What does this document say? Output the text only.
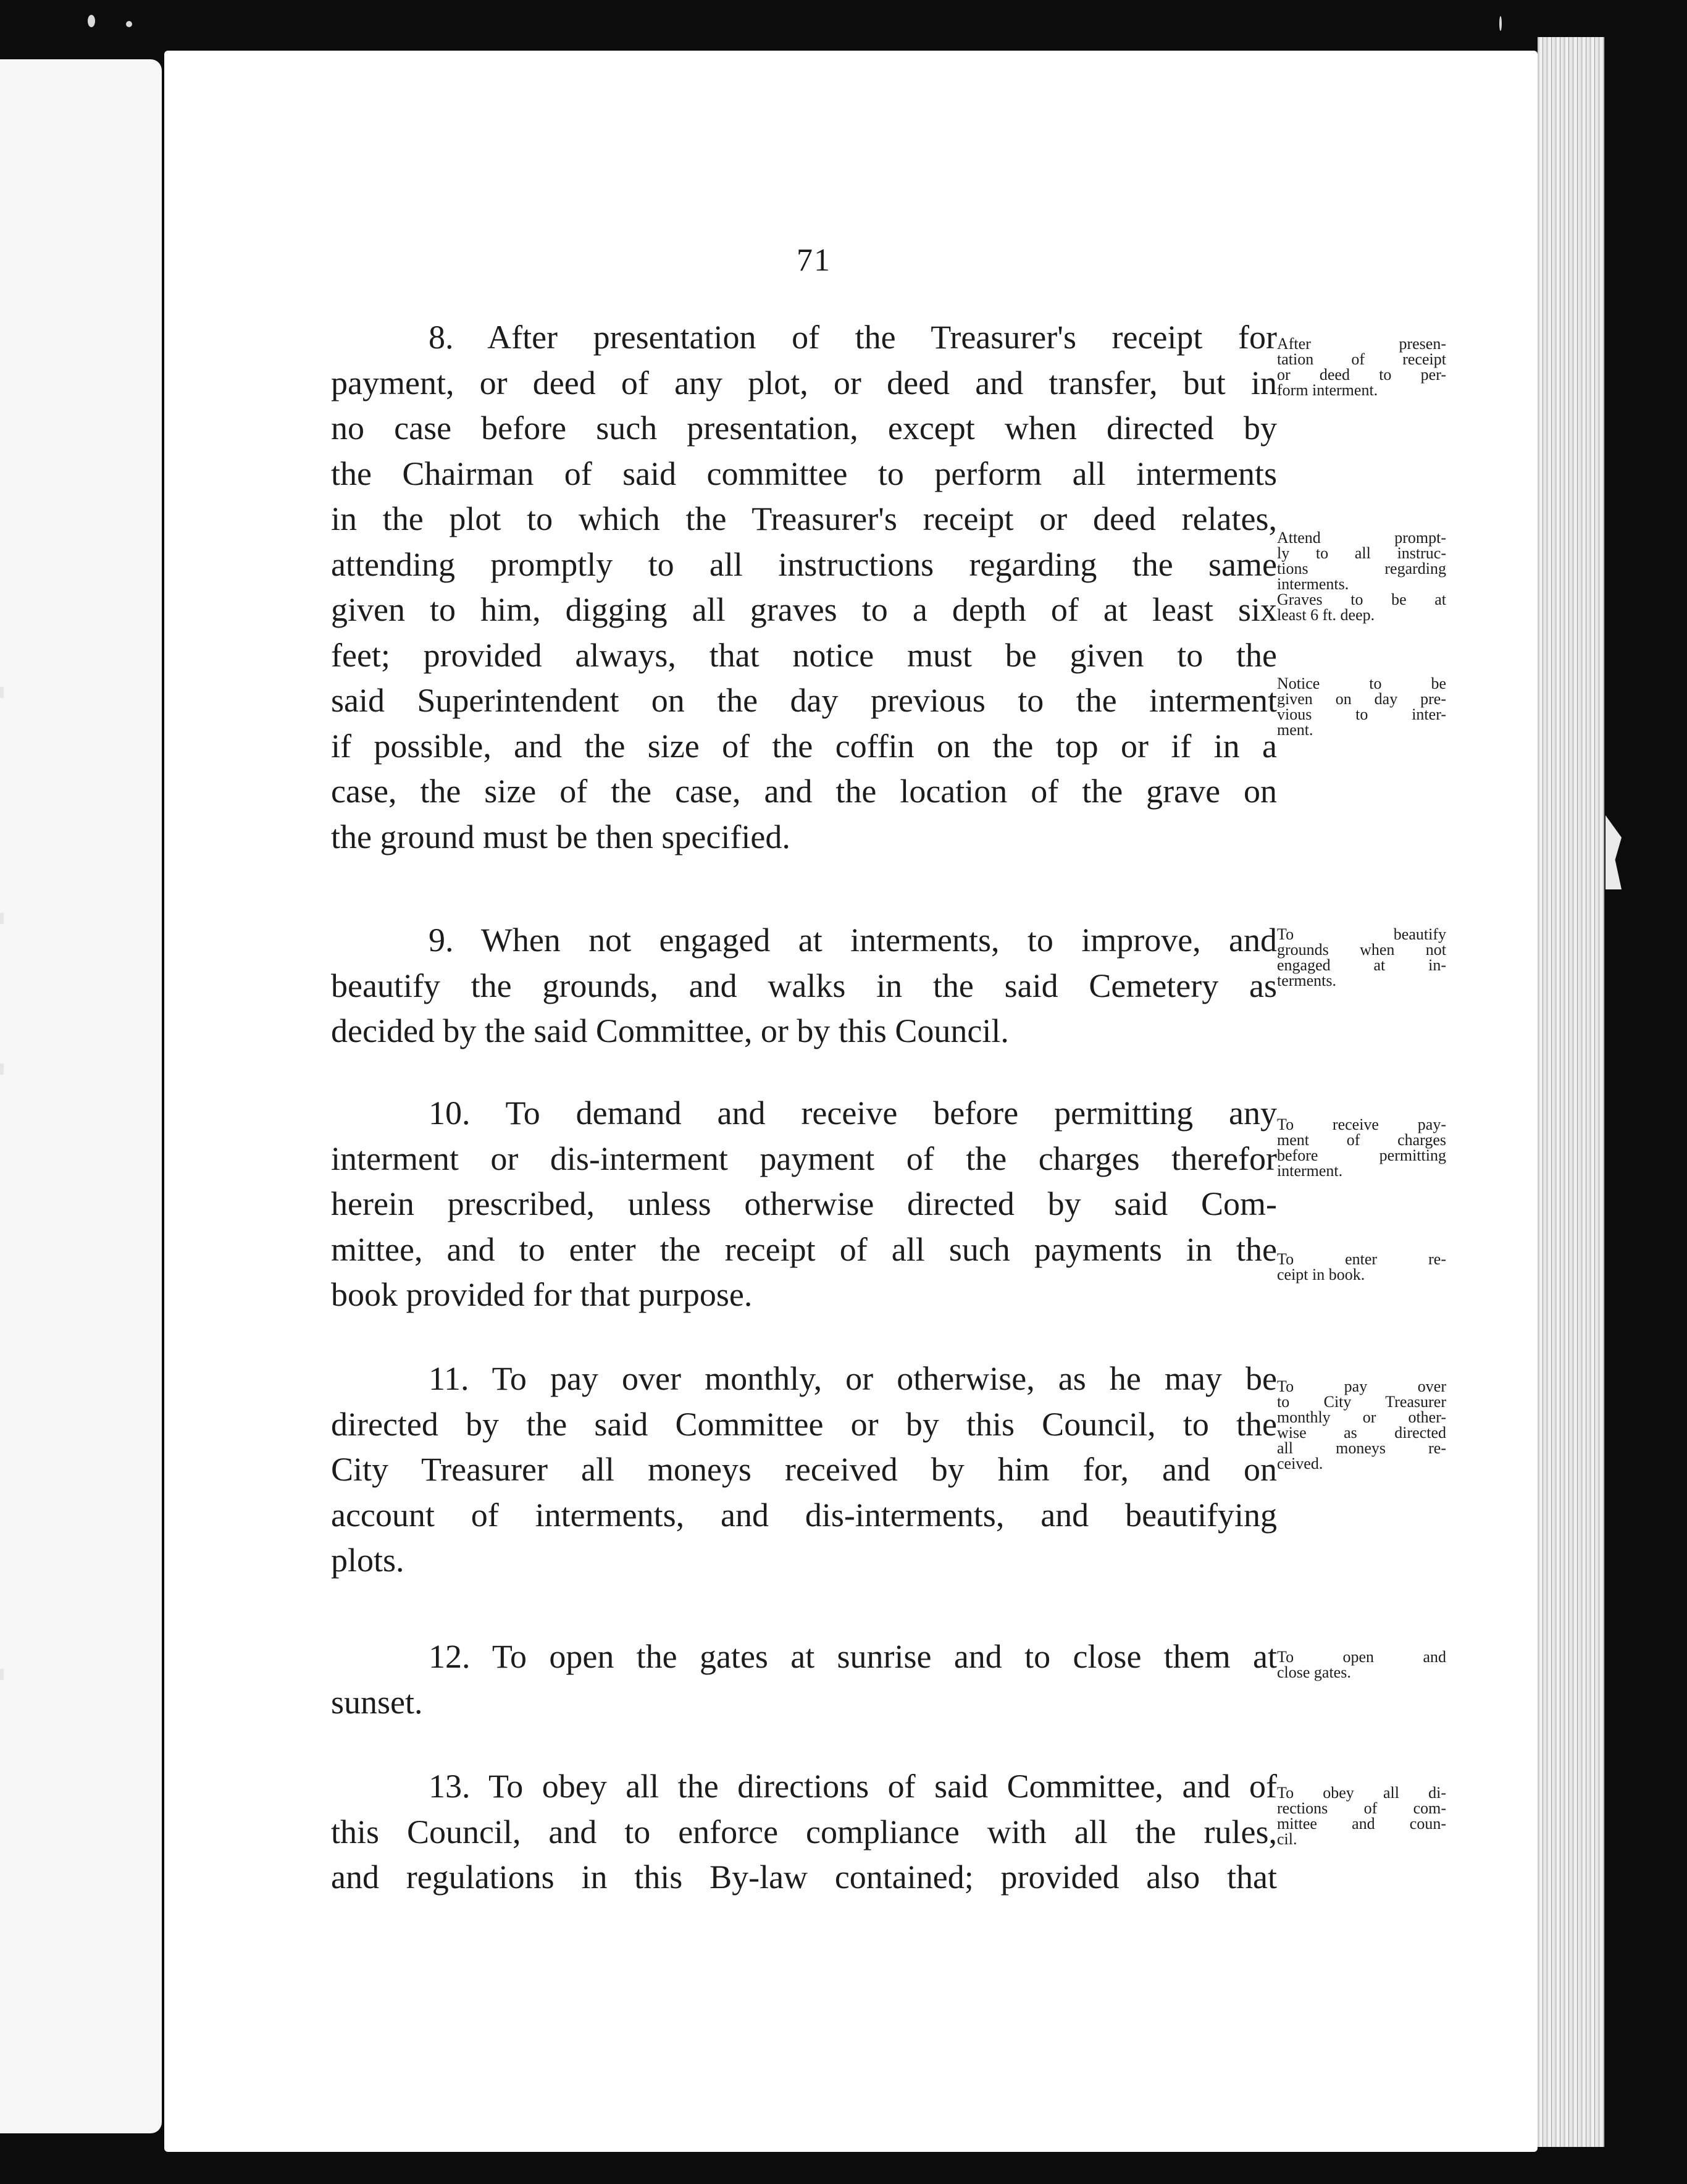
71
8. After presentation of the Treasurer's receipt for
payment, or deed of any plot, or deed and transfer, but in
no case before such presentation, except when directed by
the Chairman of said committee to perform all interments
in the plot to which the Treasurer's receipt or deed relates,
attending promptly to all instructions regarding the same
given to him, digging all graves to a depth of at least six
feet; provided always, that notice must be given to the
said Superintendent on the day previous to the interment
if possible, and the size of the coffin on the top or if in a
case, the size of the case, and the location of the grave on
the ground must be then specified.
9. When not engaged at interments, to improve, and
beautify the grounds, and walks in the said Cemetery as
decided by the said Committee, or by this Council.
10. To demand and receive before permitting any
interment or dis-interment payment of the charges therefor
herein prescribed, unless otherwise directed by said Com-
mittee, and to enter the receipt of all such payments in the
book provided for that purpose.
11. To pay over monthly, or otherwise, as he may be
directed by the said Committee or by this Council, to the
City Treasurer all moneys received by him for, and on
account of interments, and dis-interments, and beautifying
plots.
12. To open the gates at sunrise and to close them at
sunset.
13. To obey all the directions of said Committee, and of
this Council, and to enforce compliance with all the rules,
and regulations in this By-law contained; provided also that
After presen-
tation of receipt
or deed to per-
form interment.
Attend prompt-
ly to all instruc-
tions regarding
interments.
Graves to be at
least 6 ft. deep.
Notice to be
given on day pre-
vious to inter-
ment.
To beautify
grounds when not
engaged at in-
terments.
To receive pay-
ment of charges
before permitting
interment.
To enter re-
ceipt in book.
To pay over
to City Treasurer
monthly or other-
wise as directed
all moneys re-
ceived.
To open and
close gates.
To obey all di-
rections of com-
mittee and coun-
cil.
